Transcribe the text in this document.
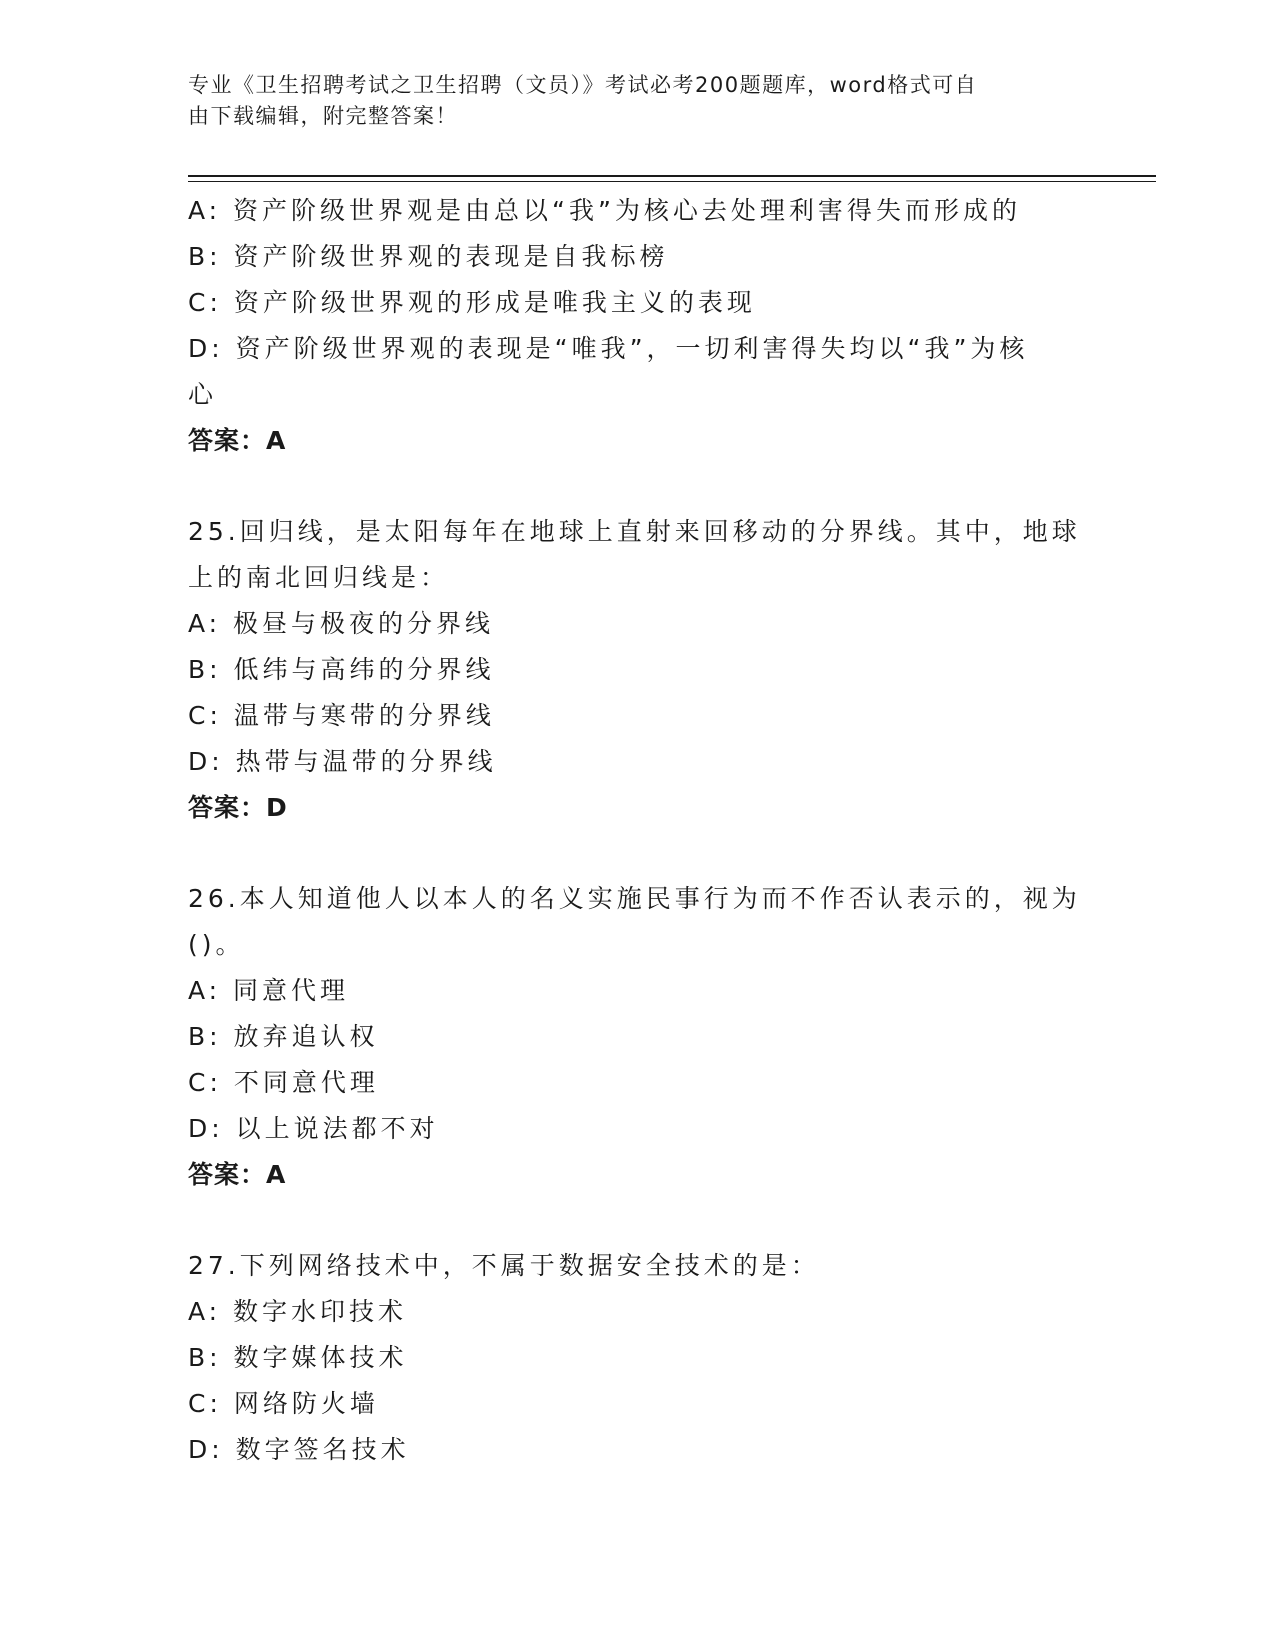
专业《卫生招聘考试之卫生招聘（文员）》考试必考200题题库，word格式可自
由下载编辑，附完整答案！
A: 资产阶级世界观是由总以“我”为核心去处理利害得失而形成的
B: 资产阶级世界观的表现是自我标榜
C: 资产阶级世界观的形成是唯我主义的表现
D: 资产阶级世界观的表现是“唯我”，一切利害得失均以“我”为核
心
答案：A
25.回归线，是太阳每年在地球上直射来回移动的分界线。其中，地球
上的南北回归线是：
A: 极昼与极夜的分界线
B: 低纬与高纬的分界线
C: 温带与寒带的分界线
D: 热带与温带的分界线
答案：D
26.本人知道他人以本人的名义实施民事行为而不作否认表示的，视为
()。
A: 同意代理
B: 放弃追认权
C: 不同意代理
D: 以上说法都不对
答案：A
27.下列网络技术中，不属于数据安全技术的是：
A: 数字水印技术
B: 数字媒体技术
C: 网络防火墙
D: 数字签名技术
